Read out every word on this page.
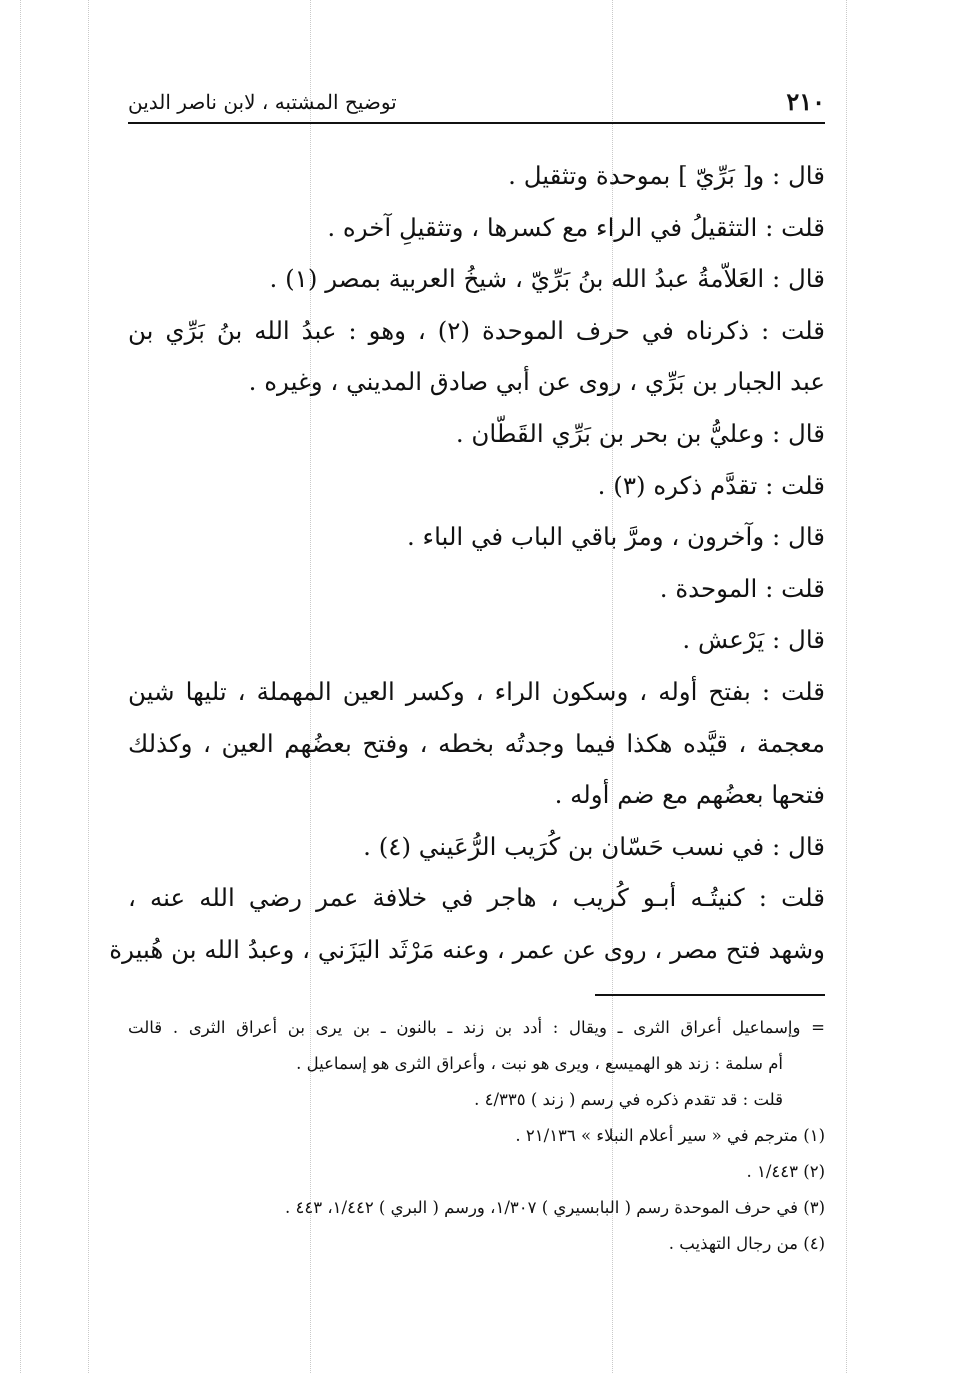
٢١٠
توضيح المشتبه ، لابن ناصر الدين
قال : و[ بَرِّيّ ] بموحدة وتثقيل .
قلت : التثقيلُ في الراء مع كسرها ، وتثقيلِ آخره .
قال : العَلاّمةُ عبدُ الله بنُ بَرِّيّ ، شيخُ العربية بمصر (١) .
قلت : ذكرناه في حرف الموحدة (٢) ، وهو : عبدُ الله بنُ بَرِّي بن
عبد الجبار بن بَرِّي ، روى عن أبي صادق المديني ، وغيره .
قال : وعليُّ بن بحر بن بَرِّي القَطّان .
قلت : تقدَّم ذكره (٣) .
قال : وآخرون ، ومرَّ باقي الباب في الباء .
قلت : الموحدة .
قال : يَرْعش .
قلت : بفتح أوله ، وسكون الراء ، وكسر العين المهملة ، تليها شين
معجمة ، قيَّده هكذا فيما وجدتُه بخطه ، وفتح بعضُهم العين ، وكذلك
فتحها بعضُهم مع ضم أوله .
قال : في نسب حَسّان بن كُرَيب الرُّعَيني (٤) .
قلت : كنيتُـه أبـو كُريب ، هاجر في خلافة عمر رضي الله عنه ،
وشهد فتح مصر ، روى عن عمر ، وعنه مَرْثَد اليَزَني ، وعبدُ الله بن هُبيرة
= وإسماعيل أعراق الثرى ـ ويقال : أدد بن زند ـ بالنون ـ بن يرى بن أعراق الثرى . قالت
أم سلمة : زند هو الهميسع ، ويرى هو نبت ، وأعراق الثرى هو إسماعيل .
قلت : قد تقدم ذكره في رسم ( زند ) ٤/٣٣٥ .
(١) مترجم في « سير أعلام النبلاء » ٢١/١٣٦ .
(٢) ١/٤٤٣ .
(٣) في حرف الموحدة رسم ( البابسيري ) ١/٣٠٧، ورسم ( البري ) ١/٤٤٢، ٤٤٣ .
(٤) من رجال التهذيب .
